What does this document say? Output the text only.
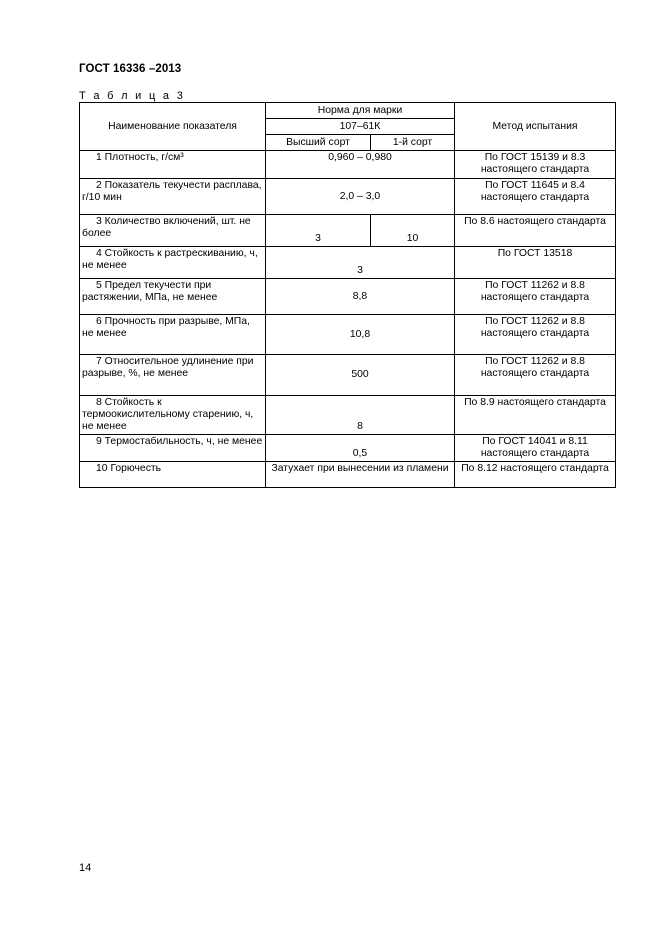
ГОСТ 16336 –2013
Т а б л и ц а 3
Наименование показателя	Норма для марки		Метод испытания
	107–61К		
	Высший сорт	1-й сорт	
1 Плотность, г/см³	0,960 – 0,980		По ГОСТ 15139 и 8.3 настоящего стандарта
2 Показатель текучести расплава, г/10 мин	2,0 – 3,0		По ГОСТ 11645 и 8.4 настоящего стандарта
3 Количество включений, шт. не более	3	10	По 8.6 настоящего стандарта
4 Стойкость к растрескиванию, ч, не менее	3		По ГОСТ 13518
5 Предел текучести при растяжении, МПа, не менее	8,8		По ГОСТ 11262 и 8.8 настоящего стандарта
6 Прочность при разрыве, МПа, не менее	10,8		По ГОСТ 11262 и 8.8 настоящего стандарта
7 Относительное удлинение при разрыве, %, не менее	500		По ГОСТ 11262 и 8.8 настоящего стандарта
8 Стойкость к термоокислительному старению, ч, не менее	8		По 8.9 настоящего стандарта
9 Термостабильность, ч, не менее	0,5		По ГОСТ 14041 и 8.11 настоящего стандарта
10 Горючесть	Затухает при вынесении из пламени		По 8.12 настоящего стандарта
14
